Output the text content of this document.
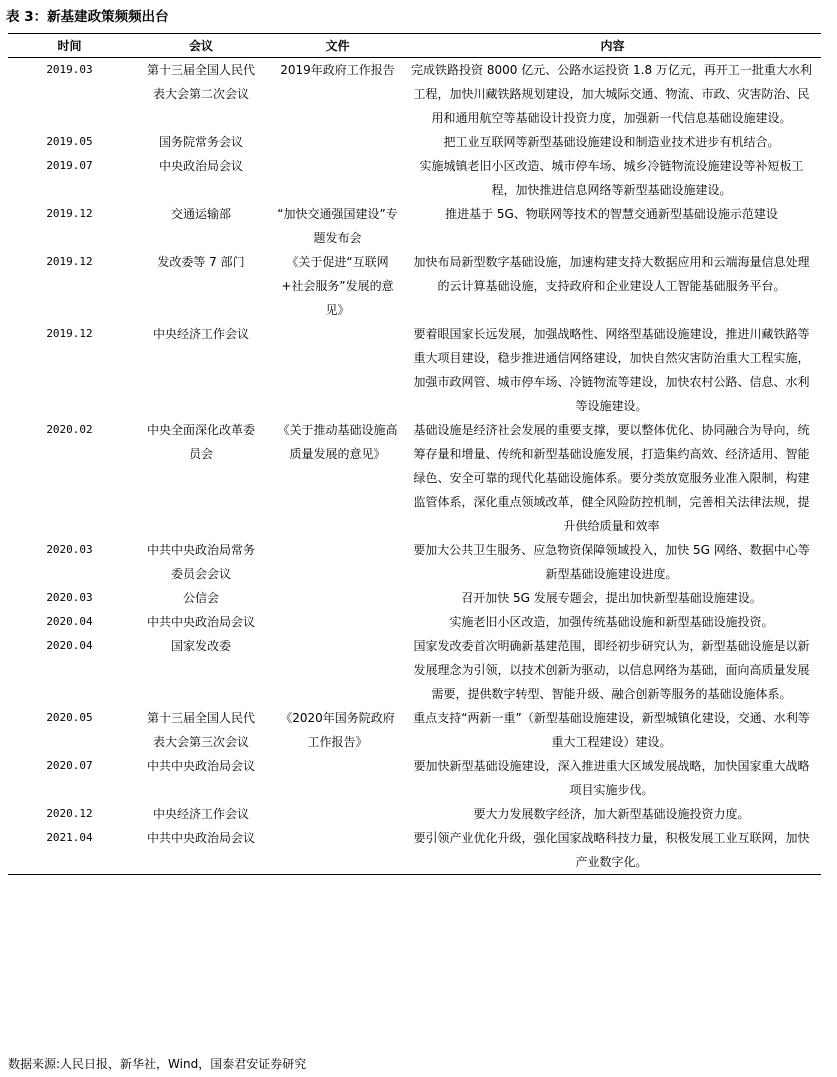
表 3：新基建政策频频出台
时间	会议	文件	内容

2019.03	第十三届全国人民代表大会第二次会议	2019年政府工作报告	完成铁路投资 8000 亿元、公路水运投资 1.8 万亿元，再开工一批重大水利工程，加快川藏铁路规划建设，加大城际交通、物流、市政、灾害防治、民用和通用航空等基础设计投资力度，加强新一代信息基础设施建设。

2019.05	国务院常务会议		把工业互联网等新型基础设施建设和制造业技术进步有机结合。

2019.07	中央政治局会议		实施城镇老旧小区改造、城市停车场、城乡冷链物流设施建设等补短板工程，加快推进信息网络等新型基础设施建设。

2019.12	交通运输部	“加快交通强国建设”专题发布会	推进基于 5G、物联网等技术的智慧交通新型基础设施示范建设

2019.12	发改委等 7 部门	《关于促进“互联网+社会服务”发展的意见》	加快布局新型数字基础设施，加速构建支持大数据应用和云端海量信息处理的云计算基础设施，支持政府和企业建设人工智能基础服务平台。

2019.12	中央经济工作会议		要着眼国家长远发展，加强战略性、网络型基础设施建设，推进川藏铁路等重大项目建设，稳步推进通信网络建设，加快自然灾害防治重大工程实施，加强市政网管、城市停车场、冷链物流等建设，加快农村公路、信息、水利等设施建设。

2020.02	中央全面深化改革委员会	《关于推动基础设施高质量发展的意见》	基础设施是经济社会发展的重要支撑，要以整体优化、协同融合为导向，统筹存量和增量、传统和新型基础设施发展，打造集约高效、经济适用、智能绿色、安全可靠的现代化基础设施体系。要分类放宽服务业准入限制，构建监管体系，深化重点领域改革，健全风险防控机制，完善相关法律法规，提升供给质量和效率

2020.03	中共中央政治局常务委员会会议		要加大公共卫生服务、应急物资保障领域投入，加快 5G 网络、数据中心等新型基础设施建设进度。

2020.03	公信会		召开加快 5G 发展专题会，提出加快新型基础设施建设。

2020.04	中共中央政治局会议		实施老旧小区改造，加强传统基础设施和新型基础设施投资。

2020.04	国家发改委		国家发改委首次明确新基建范围，即经初步研究认为，新型基础设施是以新发展理念为引领，以技术创新为驱动，以信息网络为基础，面向高质量发展需要，提供数字转型、智能升级、融合创新等服务的基础设施体系。

2020.05	第十三届全国人民代表大会第三次会议	《2020年国务院政府工作报告》	重点支持“两新一重”（新型基础设施建设，新型城镇化建设，交通、水利等重大工程建设）建设。

2020.07	中共中央政治局会议		要加快新型基础设施建设，深入推进重大区域发展战略，加快国家重大战略项目实施步伐。

2020.12	中央经济工作会议		要大力发展数字经济，加大新型基础设施投资力度。

2021.04	中共中央政治局会议		要引领产业优化升级，强化国家战略科技力量，积极发展工业互联网，加快产业数字化。
数据来源:人民日报，新华社，Wind，国泰君安证券研究
